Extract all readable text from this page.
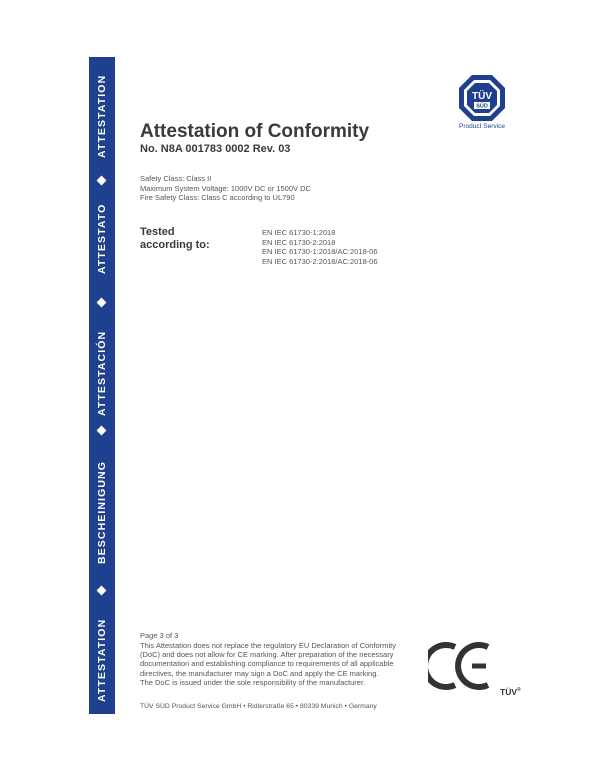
ATTESTATION
BESCHEINIGUNG
ATTESTACIÓN
ATTESTATO
ATTESTATION	TÜV
SÜD
Product Service
Attestation of Conformity
No. N8A 001783 0002 Rev. 03
Safety Class: Class II
Maximum System Voltage: 1000V DC or 1500V DC
Fire Safety Class: Class C according to UL790
Tested
according to:
EN IEC 61730-1:2018
EN IEC 61730-2:2018
EN IEC 61730-1:2018/AC:2018-06
EN IEC 61730-2:2018/AC:2018-06
Page 3 of 3
This Attestation does not replace the regulatory EU Declaration of Conformity
(DoC) and does not allow for CE marking. After preparation of the necessary
documentation and establishing compliance to requirements of all applicable
directives, the manufacturer may sign a DoC and apply the CE marking.
The DoC is issued under the sole responsibility of the manufacturer.
TÜV®
TÜV SÜD Product Service GmbH • Ridlerstraße 65 • 80339 Munich • Germany
